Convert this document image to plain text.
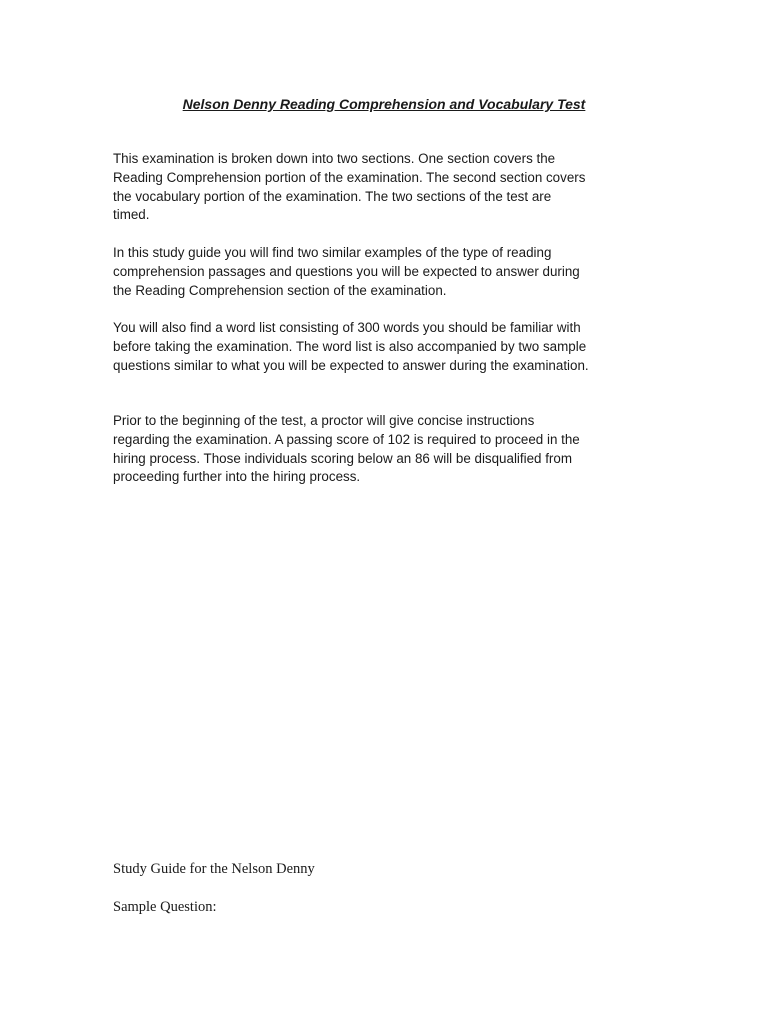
Nelson Denny Reading Comprehension and Vocabulary Test

This examination is broken down into two sections. One section covers the
Reading Comprehension portion of the examination. The second section covers
the vocabulary portion of the examination. The two sections of the test are
timed.

In this study guide you will find two similar examples of the type of reading
comprehension passages and questions you will be expected to answer during
the Reading Comprehension section of the examination.

You will also find a word list consisting of 300 words you should be familiar with
before taking the examination. The word list is also accompanied by two sample
questions similar to what you will be expected to answer during the examination.

Prior to the beginning of the test, a proctor will give concise instructions
regarding the examination. A passing score of 102 is required to proceed in the
hiring process. Those individuals scoring below an 86 will be disqualified from
proceeding further into the hiring process.

Study Guide for the Nelson Denny

Sample Question:
